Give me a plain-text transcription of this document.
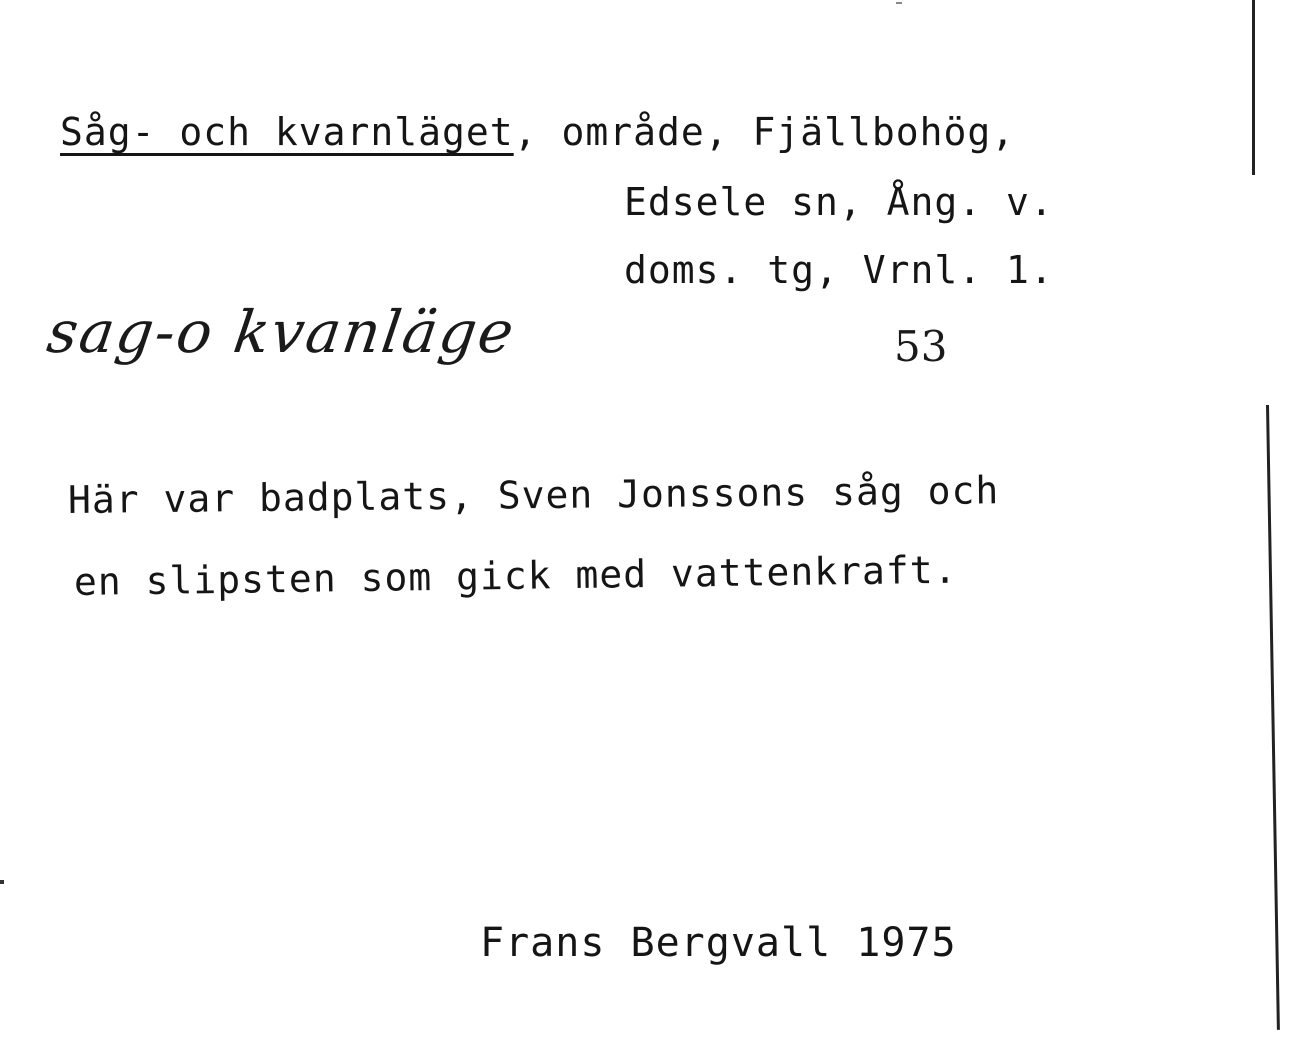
Såg- och kvarnläget, område, Fjällbohög,
Edsele sn, Ång. v.
doms. tg, Vrnl. 1.
sag-o kvanläge	53
Här var badplats, Sven Jonssons såg och
en slipsten som gick med vattenkraft.
Frans Bergvall 1975
